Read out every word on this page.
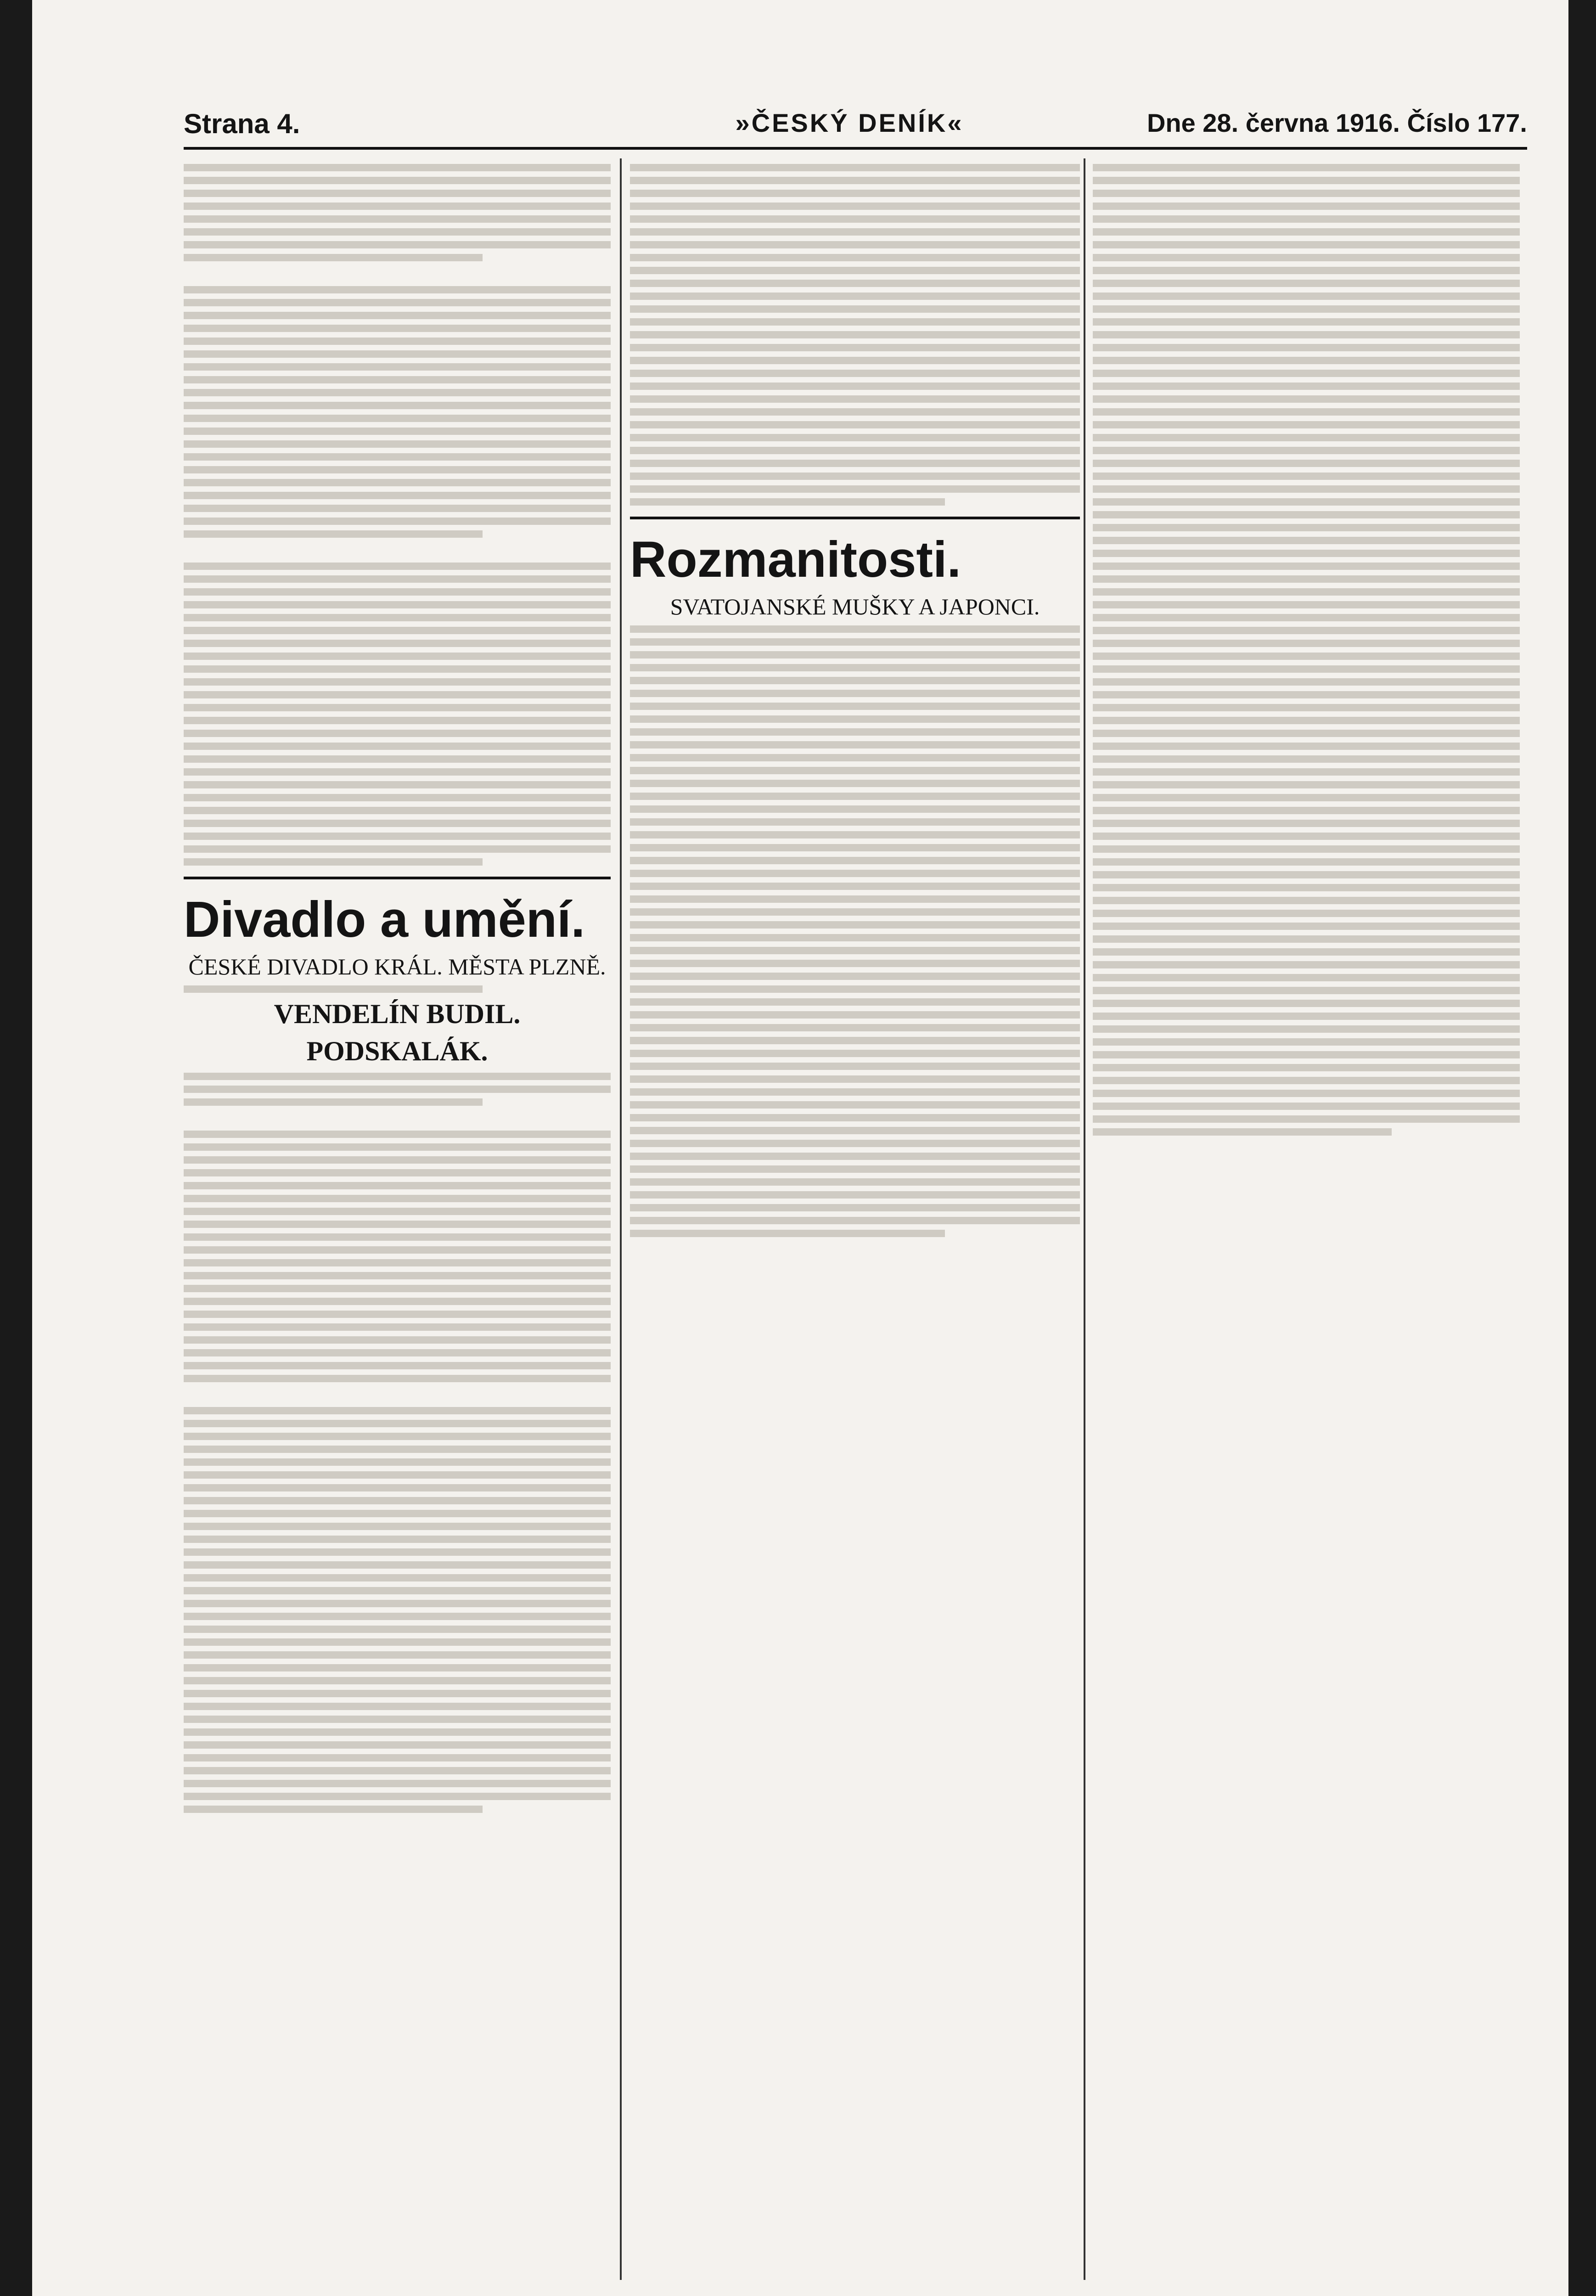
Strana 4.	»ČESKÝ DENÍK«	Dne 28. června 1916. Číslo 177.
Divadlo a umění.
ČESKÉ DIVADLO KRÁL. MĚSTA PLZNĚ.
VENDELÍN BUDIL.
PODSKALÁK.
Rozmanitosti.
SVATOJANSKÉ MUŠKY A JAPONCI.
